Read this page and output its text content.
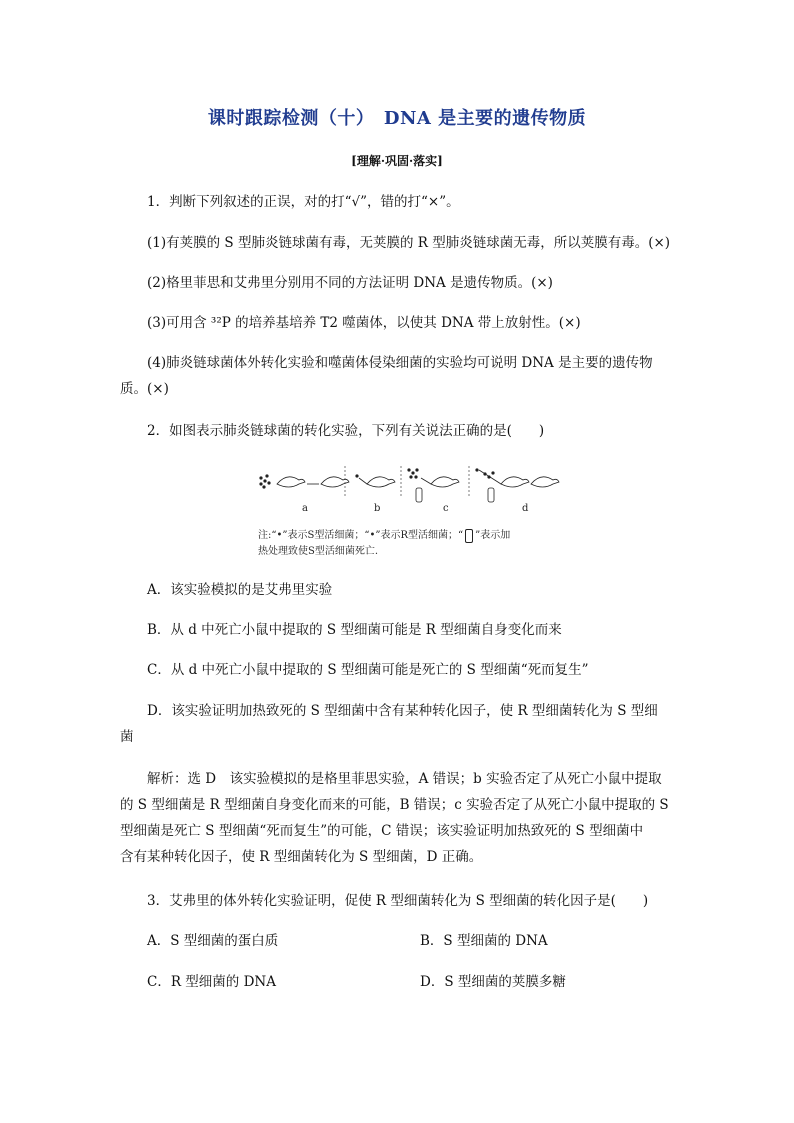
课时跟踪检测（十）　DNA 是主要的遗传物质
[理解·巩固·落实]
1．判断下列叙述的正误，对的打“√”，错的打“×”。
(1)有荚膜的 S 型肺炎链球菌有毒，无荚膜的 R 型肺炎链球菌无毒，所以荚膜有毒。(×)
(2)格里菲思和艾弗里分别用不同的方法证明 DNA 是遗传物质。(×)
(3)可用含 ³²P 的培养基培养 T2 噬菌体，以使其 DNA 带上放射性。(×)
(4)肺炎链球菌体外转化实验和噬菌体侵染细菌的实验均可说明 DNA 是主要的遗传物
质。(×)
2．如图表示肺炎链球菌的转化实验，下列有关说法正确的是(　　)
a	b	c	d
注:“•”表示S型活细菌；“•”表示R型活细菌；“ ”表示加
热处理致使S型活细菌死亡.
A．该实验模拟的是艾弗里实验
B．从 d 中死亡小鼠中提取的 S 型细菌可能是 R 型细菌自身变化而来
C．从 d 中死亡小鼠中提取的 S 型细菌可能是死亡的 S 型细菌“死而复生”
D．该实验证明加热致死的 S 型细菌中含有某种转化因子，使 R 型细菌转化为 S 型细
菌
解析：选 D　该实验模拟的是格里菲思实验，A 错误；b 实验否定了从死亡小鼠中提取
的 S 型细菌是 R 型细菌自身变化而来的可能，B 错误；c 实验否定了从死亡小鼠中提取的 S
型细菌是死亡 S 型细菌“死而复生”的可能，C 错误；该实验证明加热致死的 S 型细菌中
含有某种转化因子，使 R 型细菌转化为 S 型细菌，D 正确。
3．艾弗里的体外转化实验证明，促使 R 型细菌转化为 S 型细菌的转化因子是(　　)
A．S 型细菌的蛋白质	B．S 型细菌的 DNA
C．R 型细菌的 DNA	D．S 型细菌的荚膜多糖
